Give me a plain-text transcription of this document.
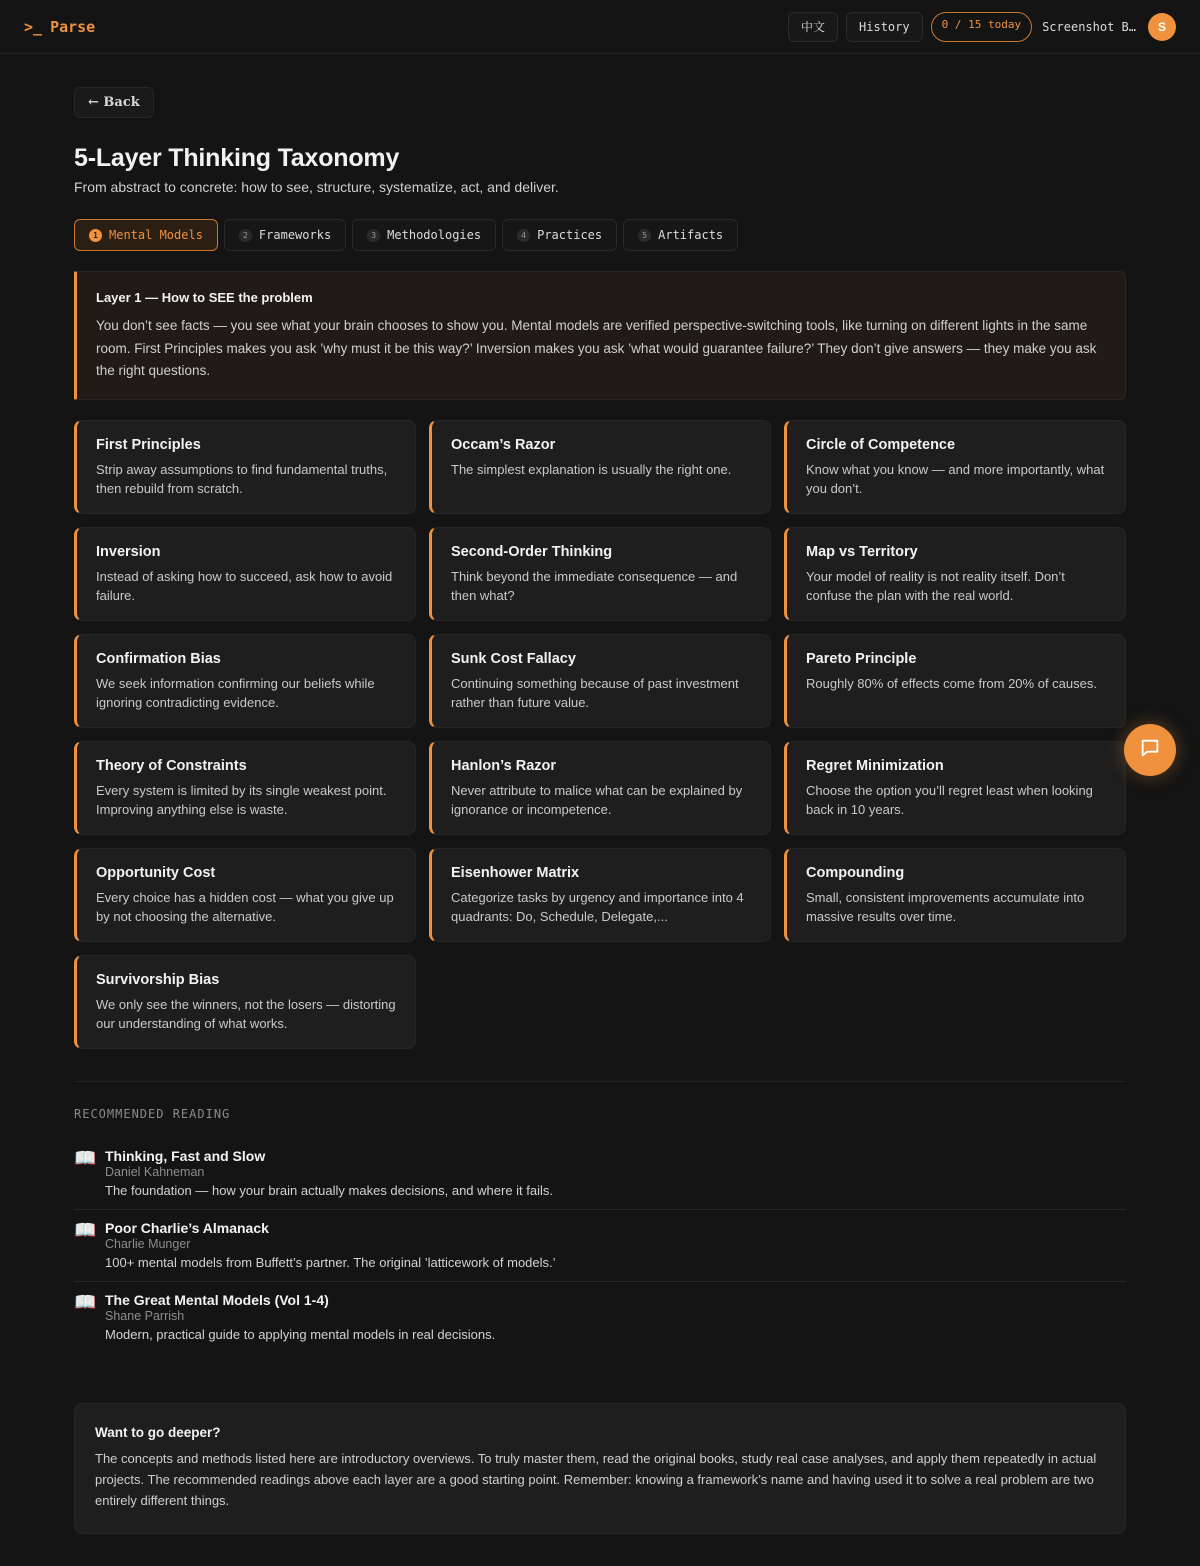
>_ Parse	中文	History	0 / 15 today	Screenshot B…	S
← Back
5-Layer Thinking Taxonomy

From abstract to concrete: how to see, structure, systematize, act, and deliver.

1 Mental Models	2 Frameworks	3 Methodologies	4 Practices	5 Artifacts
Layer 1 — How to SEE the problem

You don’t see facts — you see what your brain chooses to show you. Mental models are verified perspective-switching tools, like turning on different lights in the same room. First Principles makes you ask ’why must it be this way?’ Inversion makes you ask ’what would guarantee failure?’ They don’t give answers — they make you ask the right questions.

First Principles
Strip away assumptions to find fundamental truths, then rebuild from scratch.
Occam’s Razor
The simplest explanation is usually the right one.
Circle of Competence
Know what you know — and more importantly, what you don’t.
Inversion
Instead of asking how to succeed, ask how to avoid failure.
Second-Order Thinking
Think beyond the immediate consequence — and then what?
Map vs Territory
Your model of reality is not reality itself. Don’t confuse the plan with the real world.
Confirmation Bias
We seek information confirming our beliefs while ignoring contradicting evidence.
Sunk Cost Fallacy
Continuing something because of past investment rather than future value.
Pareto Principle
Roughly 80% of effects come from 20% of causes.
Theory of Constraints
Every system is limited by its single weakest point. Improving anything else is waste.
Hanlon’s Razor
Never attribute to malice what can be explained by ignorance or incompetence.
Regret Minimization
Choose the option you’ll regret least when looking back in 10 years.
Opportunity Cost
Every choice has a hidden cost — what you give up by not choosing the alternative.
Eisenhower Matrix
Categorize tasks by urgency and importance into 4 quadrants: Do, Schedule, Delegate,...
Compounding
Small, consistent improvements accumulate into massive results over time.
Survivorship Bias
We only see the winners, not the losers — distorting our understanding of what works.
RECOMMENDED READING
📖 Thinking, Fast and Slow
Daniel Kahneman
The foundation — how your brain actually makes decisions, and where it fails.
📖 Poor Charlie’s Almanack
Charlie Munger
100+ mental models from Buffett’s partner. The original ’latticework of models.’
📖 The Great Mental Models (Vol 1-4)
Shane Parrish
Modern, practical guide to applying mental models in real decisions.
Want to go deeper?

The concepts and methods listed here are introductory overviews. To truly master them, read the original books, study real case analyses, and apply them repeatedly in actual projects. The recommended readings above each layer are a good starting point. Remember: knowing a framework’s name and having used it to solve a real problem are two entirely different things.
